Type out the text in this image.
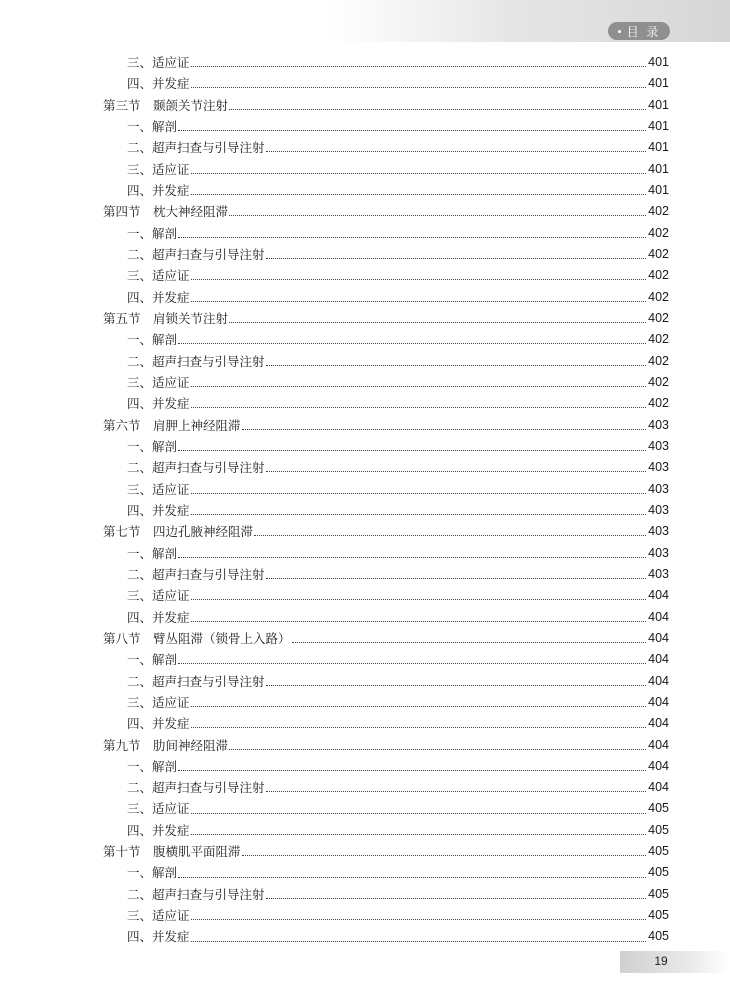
目 录
三、适应证	401
四、并发症	401
第三节 颞颌关节注射	401
一、解剖	401
二、超声扫查与引导注射	401
三、适应证	401
四、并发症	401
第四节 枕大神经阻滞	402
一、解剖	402
二、超声扫查与引导注射	402
三、适应证	402
四、并发症	402
第五节 肩锁关节注射	402
一、解剖	402
二、超声扫查与引导注射	402
三、适应证	402
四、并发症	402
第六节 肩胛上神经阻滞	403
一、解剖	403
二、超声扫查与引导注射	403
三、适应证	403
四、并发症	403
第七节 四边孔腋神经阻滞	403
一、解剖	403
二、超声扫查与引导注射	403
三、适应证	404
四、并发症	404
第八节 臂丛阻滞（锁骨上入路）	404
一、解剖	404
二、超声扫查与引导注射	404
三、适应证	404
四、并发症	404
第九节 肋间神经阻滞	404
一、解剖	404
二、超声扫查与引导注射	404
三、适应证	405
四、并发症	405
第十节 腹横肌平面阻滞	405
一、解剖	405
二、超声扫查与引导注射	405
三、适应证	405
四、并发症	405
19
